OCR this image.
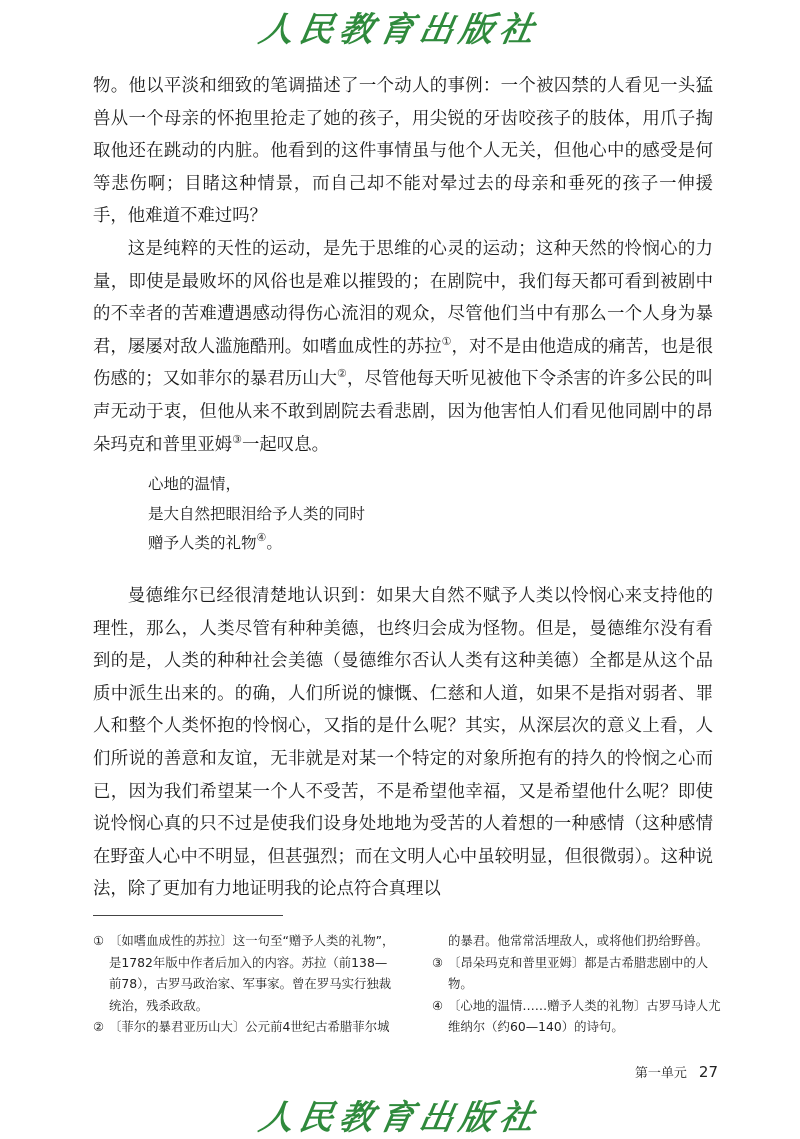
人民教育出版社

物。他以平淡和细致的笔调描述了一个动人的事例：一个被囚禁的人看见一头猛兽从一个母亲的怀抱里抢走了她的孩子，用尖锐的牙齿咬孩子的肢体，用爪子掏取他还在跳动的内脏。他看到的这件事情虽与他个人无关，但他心中的感受是何等悲伤啊；目睹这种情景，而自己却不能对晕过去的母亲和垂死的孩子一伸援手，他难道不难过吗？

这是纯粹的天性的运动，是先于思维的心灵的运动；这种天然的怜悯心的力量，即使是最败坏的风俗也是难以摧毁的；在剧院中，我们每天都可看到被剧中的不幸者的苦难遭遇感动得伤心流泪的观众，尽管他们当中有那么一个人身为暴君，屡屡对敌人滥施酷刑。如嗜血成性的苏拉①，对不是由他造成的痛苦，也是很伤感的；又如菲尔的暴君历山大②，尽管他每天听见被他下令杀害的许多公民的叫声无动于衷，但他从来不敢到剧院去看悲剧，因为他害怕人们看见他同剧中的昂朵玛克和普里亚姆③一起叹息。

心地的温情，
是大自然把眼泪给予人类的同时
赠予人类的礼物④。

曼德维尔已经很清楚地认识到：如果大自然不赋予人类以怜悯心来支持他的理性，那么，人类尽管有种种美德，也终归会成为怪物。但是，曼德维尔没有看到的是，人类的种种社会美德（曼德维尔否认人类有这种美德）全都是从这个品质中派生出来的。的确，人们所说的慷慨、仁慈和人道，如果不是指对弱者、罪人和整个人类怀抱的怜悯心，又指的是什么呢？其实，从深层次的意义上看，人们所说的善意和友谊，无非就是对某一个特定的对象所抱有的持久的怜悯之心而已，因为我们希望某一个人不受苦，不是希望他幸福，又是希望他什么呢？即使说怜悯心真的只不过是使我们设身处地地为受苦的人着想的一种感情（这种感情在野蛮人心中不明显，但甚强烈；而在文明人心中虽较明显，但很微弱）。这种说法，除了更加有力地证明我的论点符合真理以

① 〔如嗜血成性的苏拉〕这一句至“赠予人类的礼物”，是1782年版中作者后加入的内容。苏拉（前138—前78），古罗马政治家、军事家。曾在罗马实行独裁统治，残杀政敌。

② 〔菲尔的暴君亚历山大〕公元前4世纪古希腊菲尔城

的暴君。他常常活埋敌人，或将他们扔给野兽。

③ 〔昂朵玛克和普里亚姆〕都是古希腊悲剧中的人物。

④ 〔心地的温情……赠予人类的礼物〕古罗马诗人尤维纳尔（约60—140）的诗句。

第一单元 27
人民教育出版社
